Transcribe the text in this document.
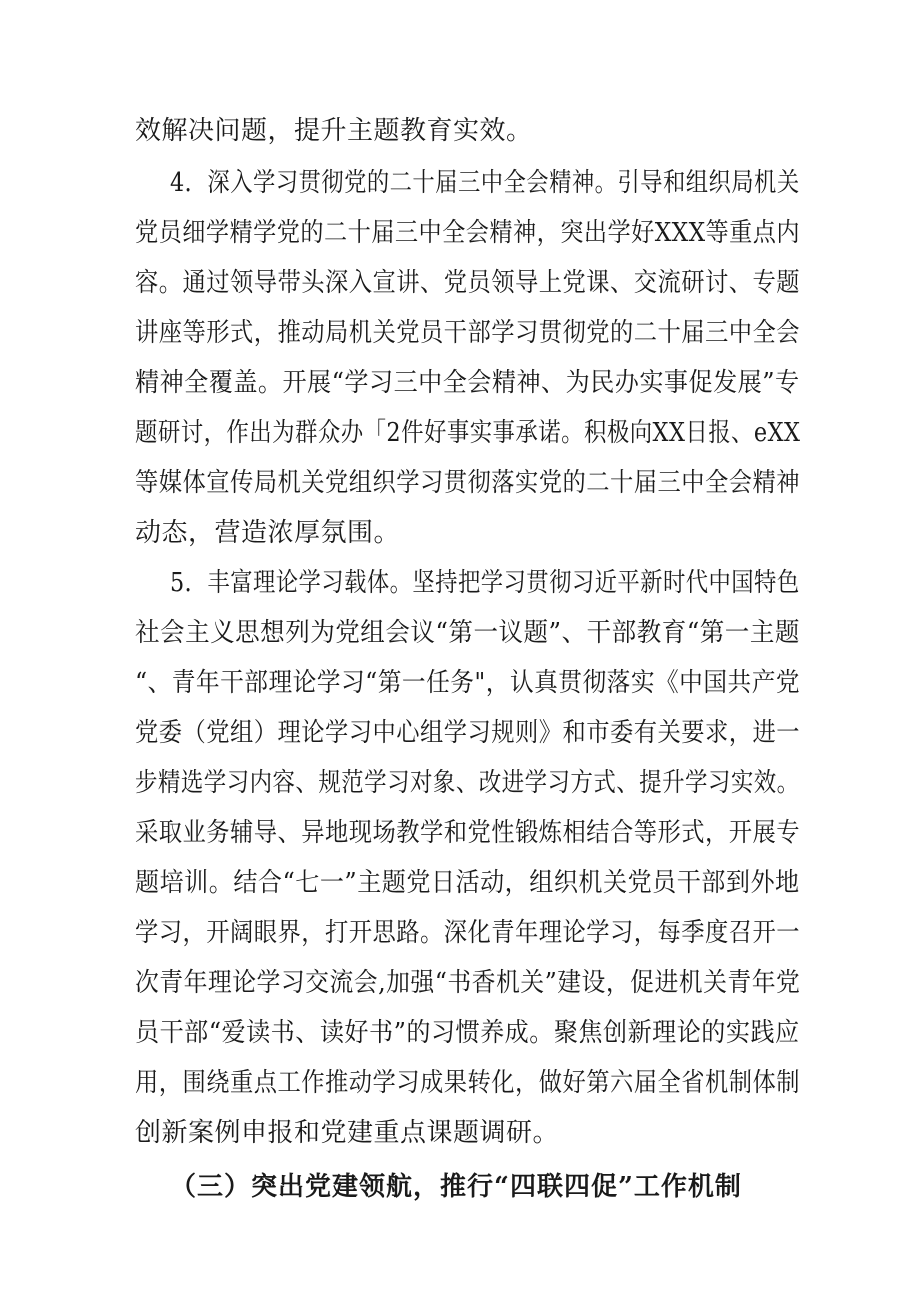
效解决问题，提升主题教育实效。
4．深入学习贯彻党的二十届三中全会精神。引导和组织局机关
党员细学精学党的二十届三中全会精神，突出学好XXX等重点内
容。通过领导带头深入宣讲、党员领导上党课、交流研讨、专题
讲座等形式，推动局机关党员干部学习贯彻党的二十届三中全会
精神全覆盖。开展“学习三中全会精神、为民办实事促发展”专
题研讨，作出为群众办「2件好事实事承诺。积极向XX日报、eXX
等媒体宣传局机关党组织学习贯彻落实党的二十届三中全会精神
动态，营造浓厚氛围。
5．丰富理论学习载体。坚持把学习贯彻习近平新时代中国特色
社会主义思想列为党组会议“第一议题”、干部教育“第一主题
“、青年干部理论学习“第一任务"，认真贯彻落实《中国共产党
党委（党组）理论学习中心组学习规则》和市委有关要求，进一
步精选学习内容、规范学习对象、改进学习方式、提升学习实效。
采取业务辅导、异地现场教学和党性锻炼相结合等形式，开展专
题培训。结合“七一”主题党日活动，组织机关党员干部到外地
学习，开阔眼界，打开思路。深化青年理论学习，每季度召开一
次青年理论学习交流会,加强“书香机关”建设，促进机关青年党
员干部“爱读书、读好书”的习惯养成。聚焦创新理论的实践应
用，围绕重点工作推动学习成果转化，做好第六届全省机制体制
创新案例申报和党建重点课题调研。
（三）突出党建领航，推行“四联四促”工作机制
